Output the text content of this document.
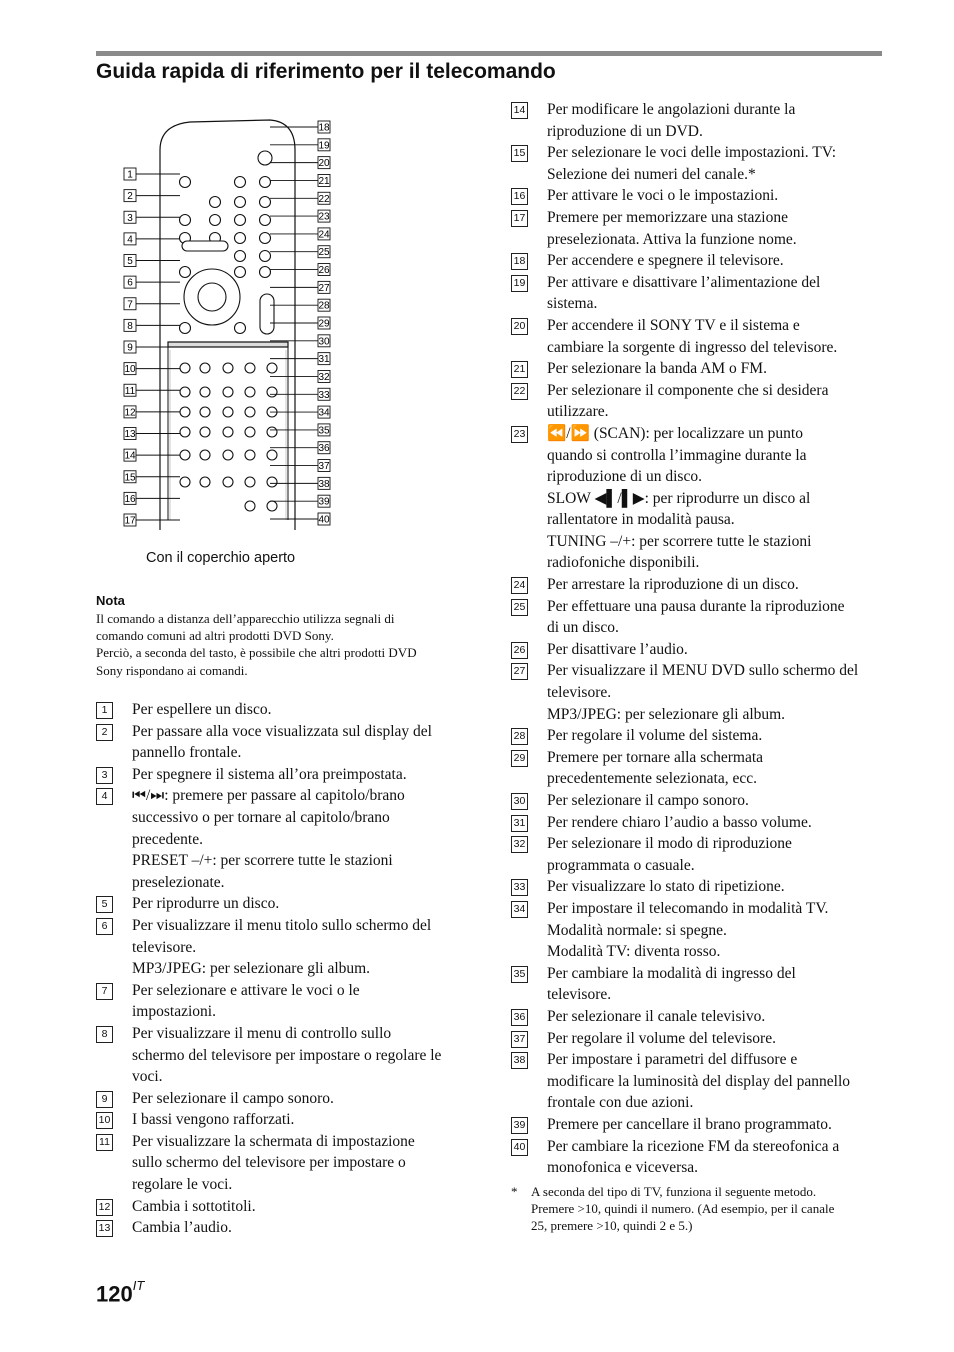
Guida rapida di riferimento per il telecomando
1
2
3
4
5
6
7
8
9
10
11
12
13
14
15
16
17
18
19
20
21
22
23
24
25
26
27
28
29
30
31
32
33
34
35
36
37
38
39
40
Con il coperchio aperto
Nota
Il comando a distanza dell’apparecchio utilizza segnali di
comando comuni ad altri prodotti DVD Sony.
Perciò, a seconda del tasto, è possibile che altri prodotti DVD
Sony rispondano ai comandi.
1	Per espellere un disco.
2	Per passare alla voce visualizzata sul display del
pannello frontale.
3	Per spegnere il sistema all’ora preimpostata.
4	⏮/⏭: premere per passare al capitolo/brano
successivo o per tornare al capitolo/brano
precedente.
PRESET –/+: per scorrere tutte le stazioni
preselezionate.
5	Per riprodurre un disco.
6	Per visualizzare il menu titolo sullo schermo del
televisore.
MP3/JPEG: per selezionare gli album.
7	Per selezionare e attivare le voci o le
impostazioni.
8	Per visualizzare il menu di controllo sullo
schermo del televisore per impostare o regolare le
voci.
9	Per selezionare il campo sonoro.
10 I bassi vengono rafforzati.
11 Per visualizzare la schermata di impostazione
sullo schermo del televisore per impostare o
regolare le voci.
12 Cambia i sottotitoli.
13 Cambia l’audio.
14 Per modificare le angolazioni durante la
riproduzione di un DVD.
15 Per selezionare le voci delle impostazioni. TV:
Selezione dei numeri del canale.*
16 Per attivare le voci o le impostazioni.
17 Premere per memorizzare una stazione
preselezionata. Attiva la funzione nome.
18 Per accendere e spegnere il televisore.
19 Per attivare e disattivare l’alimentazione del
sistema.
20 Per accendere il SONY TV e il sistema e
cambiare la sorgente di ingresso del televisore.
21 Per selezionare la banda AM o FM.
22 Per selezionare il componente che si desidera
utilizzare.
23 ⏪/⏩ (SCAN): per localizzare un punto
quando si controlla l’immagine durante la
riproduzione di un disco.
SLOW ◀▌/▌▶: per riprodurre un disco al
rallentatore in modalità pausa.
TUNING –/+: per scorrere tutte le stazioni
radiofoniche disponibili.
24 Per arrestare la riproduzione di un disco.
25 Per effettuare una pausa durante la riproduzione
di un disco.
26 Per disattivare l’audio.
27 Per visualizzare il MENU DVD sullo schermo del
televisore.
MP3/JPEG: per selezionare gli album.
28 Per regolare il volume del sistema.
29 Premere per tornare alla schermata
precedentemente selezionata, ecc.
30 Per selezionare il campo sonoro.
31 Per rendere chiaro l’audio a basso volume.
32 Per selezionare il modo di riproduzione
programmata o casuale.
33 Per visualizzare lo stato di ripetizione.
34 Per impostare il telecomando in modalità TV.
Modalità normale: si spegne.
Modalità TV: diventa rosso.
35 Per cambiare la modalità di ingresso del
televisore.
36 Per selezionare il canale televisivo.
37 Per regolare il volume del televisore.
38 Per impostare i parametri del diffusore e
modificare la luminosità del display del pannello
frontale con due azioni.
39 Premere per cancellare il brano programmato.
40 Per cambiare la ricezione FM da stereofonica a
monofonica e viceversa.
* A seconda del tipo di TV, funziona il seguente metodo.
Premere >10, quindi il numero. (Ad esempio, per il canale
25, premere >10, quindi 2 e 5.)
$120^{IT}$
